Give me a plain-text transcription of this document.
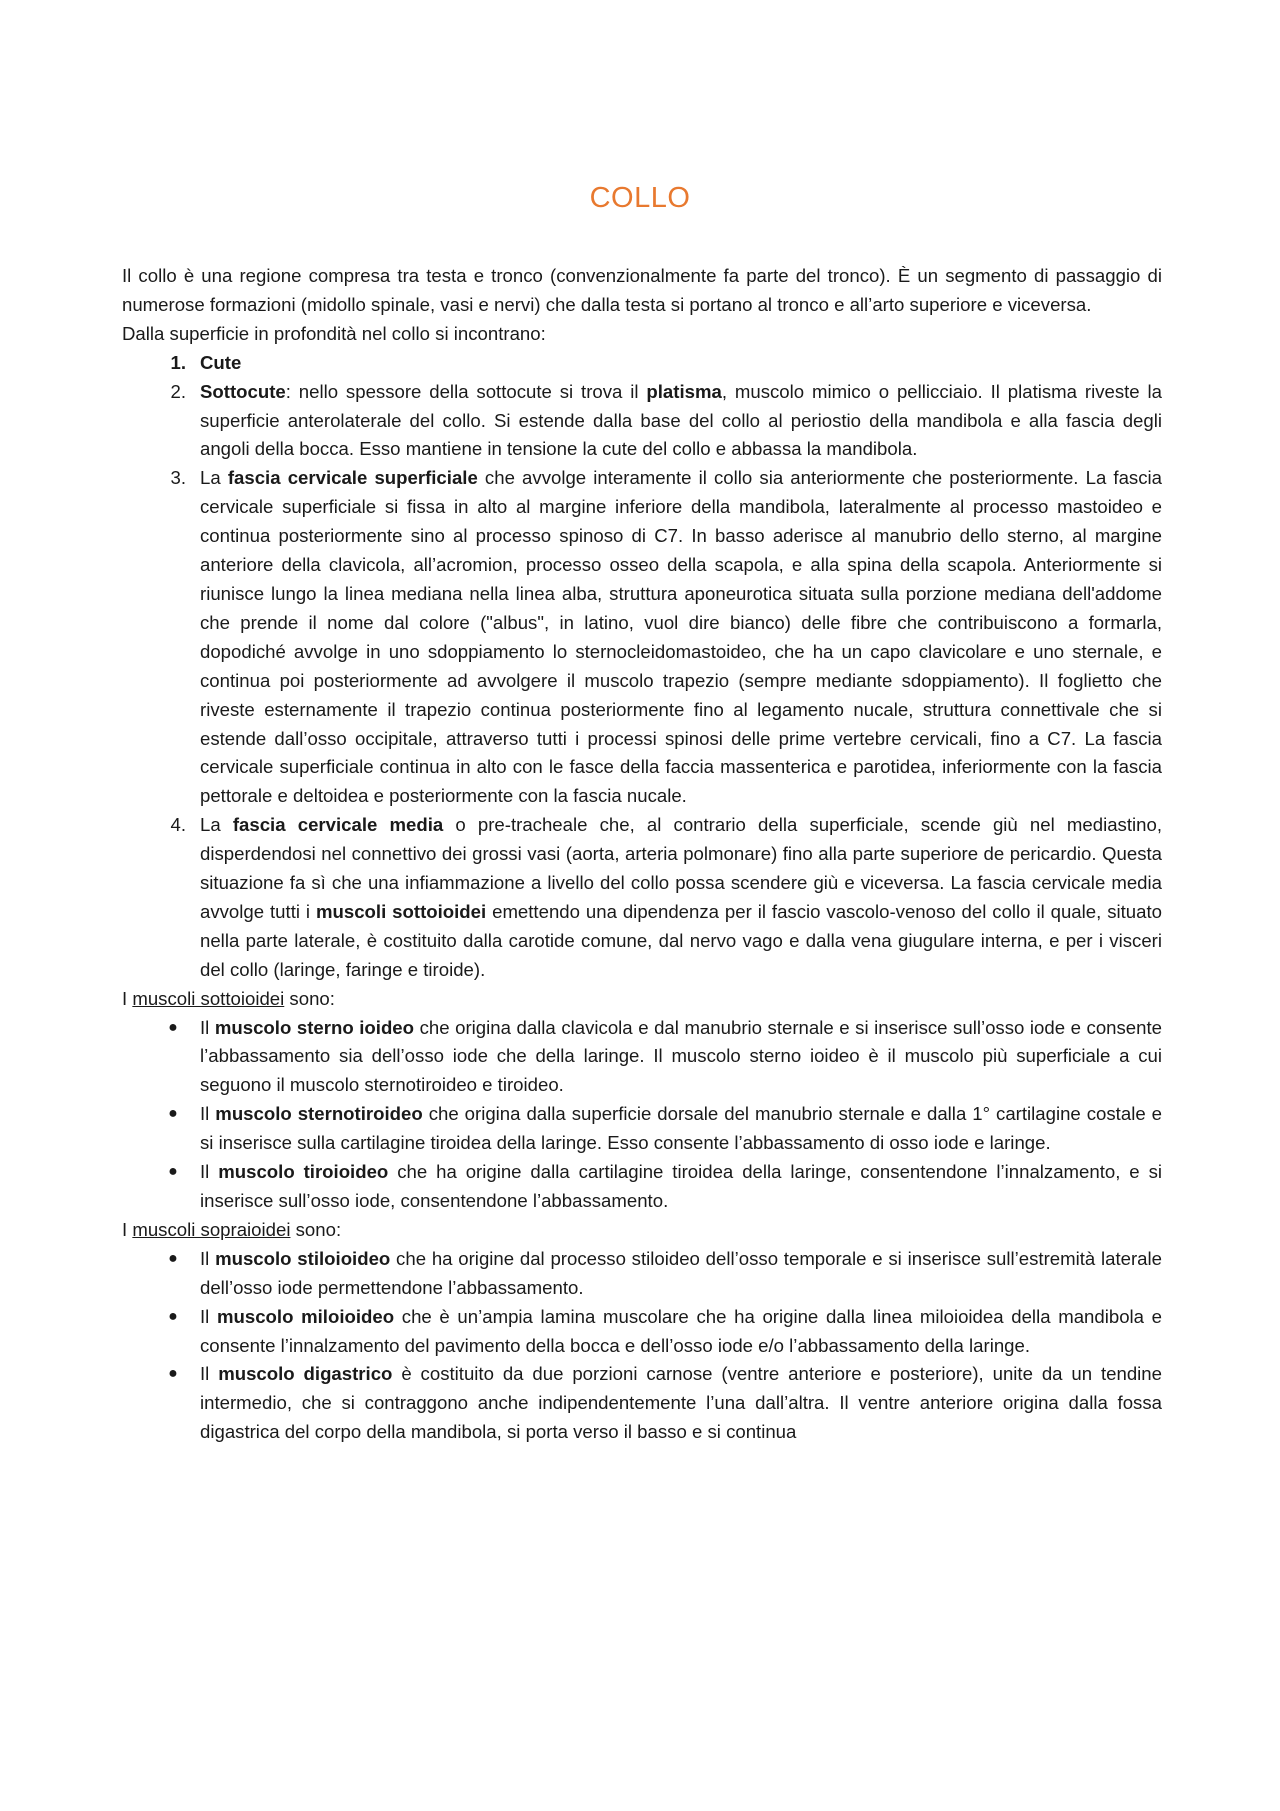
COLLO

Il collo è una regione compresa tra testa e tronco (convenzionalmente fa parte del tronco). È un segmento di passaggio di numerose formazioni (midollo spinale, vasi e nervi) che dalla testa si portano al tronco e all’arto superiore e viceversa.

Dalla superficie in profondità nel collo si incontrano:

1. Cute
2. Sottocute: nello spessore della sottocute si trova il platisma, muscolo mimico o pellicciaio. Il platisma riveste la superficie anterolaterale del collo. Si estende dalla base del collo al periostio della mandibola e alla fascia degli angoli della bocca. Esso mantiene in tensione la cute del collo e abbassa la mandibola.
3. La fascia cervicale superficiale che avvolge interamente il collo sia anteriormente che posteriormente. La fascia cervicale superficiale si fissa in alto al margine inferiore della mandibola, lateralmente al processo mastoideo e continua posteriormente sino al processo spinoso di C7. In basso aderisce al manubrio dello sterno, al margine anteriore della clavicola, all’acromion, processo osseo della scapola, e alla spina della scapola. Anteriormente si riunisce lungo la linea mediana nella linea alba, struttura aponeurotica situata sulla porzione mediana dell'addome che prende il nome dal colore ("albus", in latino, vuol dire bianco) delle fibre che contribuiscono a formarla, dopodiché avvolge in uno sdoppiamento lo sternocleidomastoideo, che ha un capo clavicolare e uno sternale, e continua poi posteriormente ad avvolgere il muscolo trapezio (sempre mediante sdoppiamento). Il foglietto che riveste esternamente il trapezio continua posteriormente fino al legamento nucale, struttura connettivale che si estende dall’osso occipitale, attraverso tutti i processi spinosi delle prime vertebre cervicali, fino a C7. La fascia cervicale superficiale continua in alto con le fasce della faccia massenterica e parotidea, inferiormente con la fascia pettorale e deltoidea e posteriormente con la fascia nucale.
4. La fascia cervicale media o pre-tracheale che, al contrario della superficiale, scende giù nel mediastino, disperdendosi nel connettivo dei grossi vasi (aorta, arteria polmonare) fino alla parte superiore de pericardio. Questa situazione fa sì che una infiammazione a livello del collo possa scendere giù e viceversa. La fascia cervicale media avvolge tutti i muscoli sottoioidei emettendo una dipendenza per il fascio vascolo-venoso del collo il quale, situato nella parte laterale, è costituito dalla carotide comune, dal nervo vago e dalla vena giugulare interna, e per i visceri del collo (laringe, faringe e tiroide).

I muscoli sottoioidei sono:

●	Il muscolo sterno ioideo che origina dalla clavicola e dal manubrio sternale e si inserisce sull’osso iode e consente l’abbassamento sia dell’osso iode che della laringe. Il muscolo sterno ioideo è il muscolo più superficiale a cui seguono il muscolo sternotiroideo e tiroideo.
●	Il muscolo sternotiroideo che origina dalla superficie dorsale del manubrio sternale e dalla 1° cartilagine costale e si inserisce sulla cartilagine tiroidea della laringe. Esso consente l’abbassamento di osso iode e laringe.
●	Il muscolo tiroioideo che ha origine dalla cartilagine tiroidea della laringe, consentendone l’innalzamento, e si inserisce sull’osso iode, consentendone l’abbassamento.

I muscoli sopraioidei sono:

●	Il muscolo stiloioideo che ha origine dal processo stiloideo dell’osso temporale e si inserisce sull’estremità laterale dell’osso iode permettendone l’abbassamento.
●	Il muscolo miloioideo che è un’ampia lamina muscolare che ha origine dalla linea miloioidea della mandibola e consente l’innalzamento del pavimento della bocca e dell’osso iode e/o l’abbassamento della laringe.
●	Il muscolo digastrico è costituito da due porzioni carnose (ventre anteriore e posteriore), unite da un tendine intermedio, che si contraggono anche indipendentemente l’una dall’altra. Il ventre anteriore origina dalla fossa digastrica del corpo della mandibola, si porta verso il basso e si continua
